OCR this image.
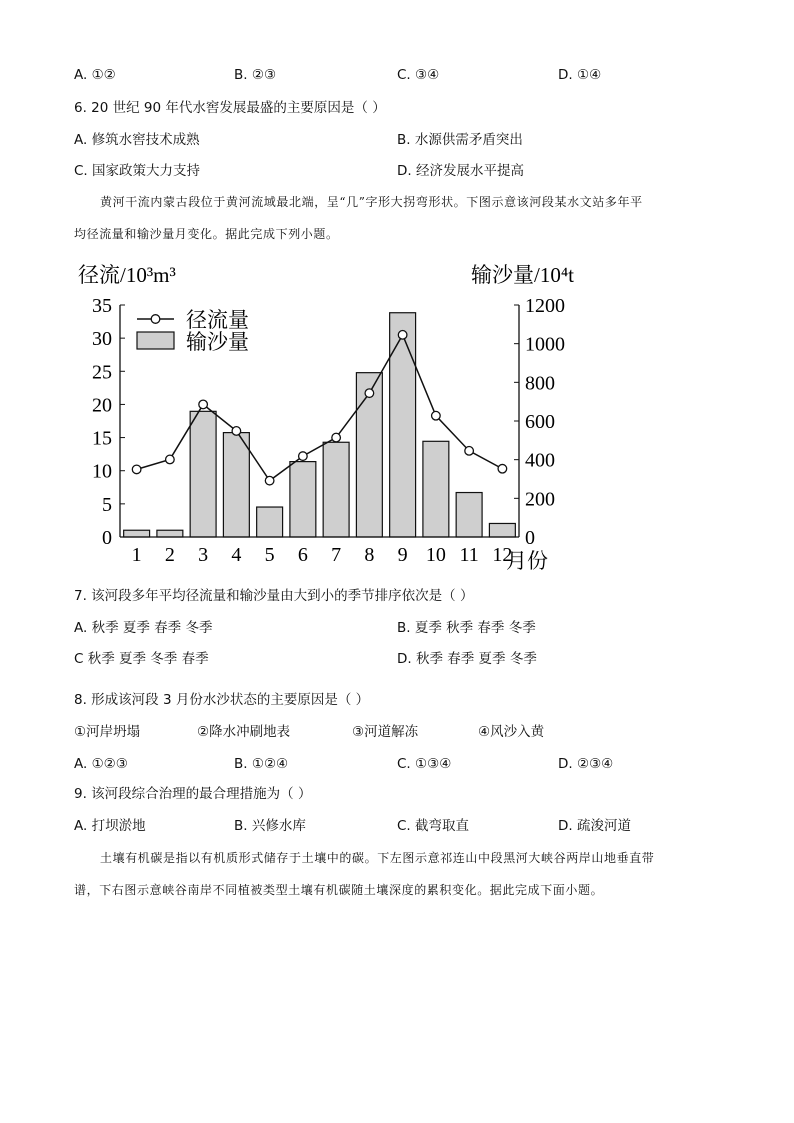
A. ①②	B. ②③	C. ③④	D. ①④
6. 20 世纪 90 年代水窖发展最盛的主要原因是（ ）
A. 修筑水窖技术成熟	B. 水源供需矛盾突出
C. 国家政策大力支持	D. 经济发展水平提高
黄河干流内蒙古段位于黄河流域最北端，呈“几”字形大拐弯形状。下图示意该河段某水文站多年平
均径流量和输沙量月变化。据此完成下列小题。
0
5
10
15
20
25
30
35
0
200
400
600
800
1000
1200
1 2 3 4 5 6 7 8 9 10 11 12
径流/10³m³	输沙量/10⁴t
月份
径流量
输沙量
7. 该河段多年平均径流量和输沙量由大到小的季节排序依次是（ ）
A. 秋季 夏季 春季 冬季	B. 夏季 秋季 春季 冬季
C 秋季 夏季 冬季 春季	D. 秋季 春季 夏季 冬季
8. 形成该河段 3 月份水沙状态的主要原因是（ ）
①河岸坍塌	②降水冲刷地表	③河道解冻	④风沙入黄
A. ①②③	B. ①②④	C. ①③④	D. ②③④
9. 该河段综合治理的最合理措施为（ ）
A. 打坝淤地	B. 兴修水库	C. 截弯取直	D. 疏浚河道
土壤有机碳是指以有机质形式储存于土壤中的碳。下左图示意祁连山中段黑河大峡谷两岸山地垂直带
谱，下右图示意峡谷南岸不同植被类型土壤有机碳随土壤深度的累积变化。据此完成下面小题。
